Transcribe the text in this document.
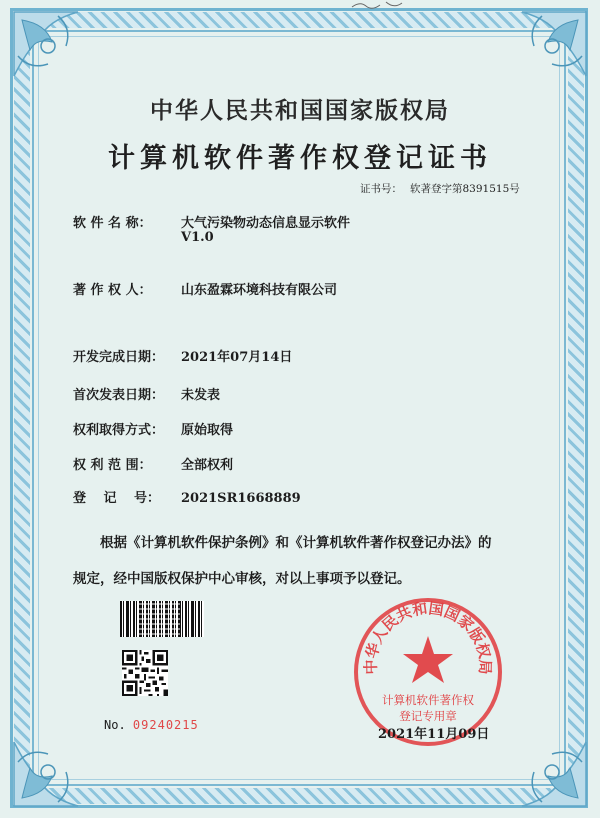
中华人民共和国国家版权局
计算机软件著作权登记证书
证书号： 软著登字第8391515号
软 件 名 称： 大气污染物动态信息显示软件
V1.0
著 作 权 人： 山东盈霖环境科技有限公司
开发完成日期： 2021年07月14日
首次发表日期： 未发表
权利取得方式： 原始取得
权 利 范 围： 全部权利
登　 记　 号： 2021SR1668889
根据《计算机软件保护条例》和《计算机软件著作权登记办法》的
规定，经中国版权保护中心审核，对以上事项予以登记。
No. 09240215
中华人民共和国国家版权局
计算机软件著作权
登记专用章
2021年11月09日
